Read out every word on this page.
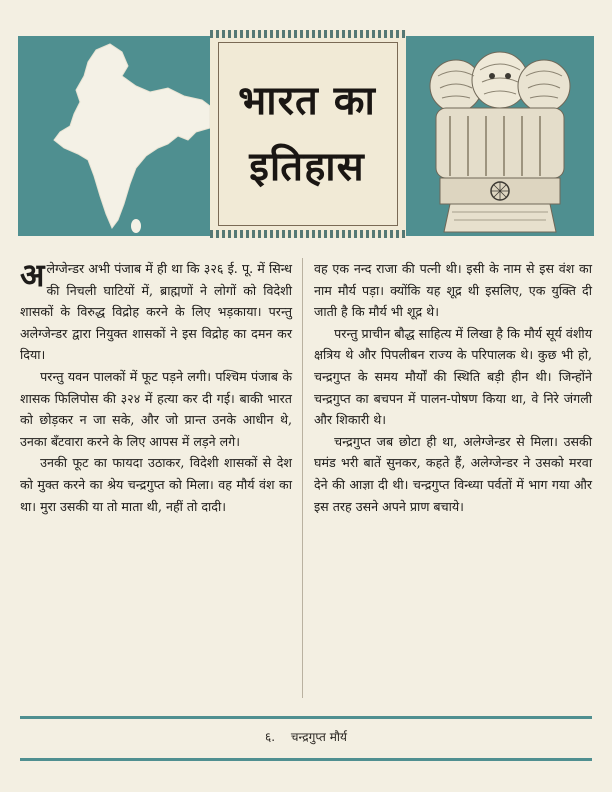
भारत का
इतिहास

अलेग्जेन्डर अभी पंजाब में ही था कि ३२६ ई. पू. में सिन्ध की निचली घाटियों में, ब्राह्मणों ने लोगों को विदेशी शासकों के विरुद्ध विद्रोह करने के लिए भड़काया। परन्तु अलेग्जेन्डर द्वारा नियुक्त शासकों ने इस विद्रोह का दमन कर दिया।

परन्तु यवन पालकों में फूट पड़ने लगी। पश्चिम पंजाब के शासक फिलिपोस की ३२४ में हत्या कर दी गई। बाकी भारत को छोड़कर न जा सके, और जो प्रान्त उनके आधीन थे, उनका बँटवारा करने के लिए आपस में लड़ने लगे।

उनकी फूट का फायदा उठाकर, विदेशी शासकों से देश को मुक्त करने का श्रेय चन्द्रगुप्त को मिला। वह मौर्य वंश का था। मुरा उसकी या तो माता थी, नहीं तो दादी।

वह एक नन्द राजा की पत्नी थी। इसी के नाम से इस वंश का नाम मौर्य पड़ा। क्योंकि यह शूद्र थी इसलिए, एक युक्ति दी जाती है कि मौर्य भी शूद्र थे।

परन्तु प्राचीन बौद्ध साहित्य में लिखा है कि मौर्य सूर्य वंशीय क्षत्रिय थे और पिपलीबन राज्य के परिपालक थे। कुछ भी हो, चन्द्रगुप्त के समय मौर्यों की स्थिति बड़ी हीन थी। जिन्होंने चन्द्रगुप्त का बचपन में पालन-पोषण किया था, वे निरे जंगली और शिकारी थे।

चन्द्रगुप्त जब छोटा ही था, अलेग्जेन्डर से मिला। उसकी घमंड भरी बातें सुनकर, कहते हैं, अलेग्जेन्डर ने उसको मरवा देने की आज्ञा दी थी। चन्द्रगुप्त विन्ध्या पर्वतों में भाग गया और इस तरह उसने अपने प्राण बचाये।

६. चन्द्रगुप्त मौर्य
